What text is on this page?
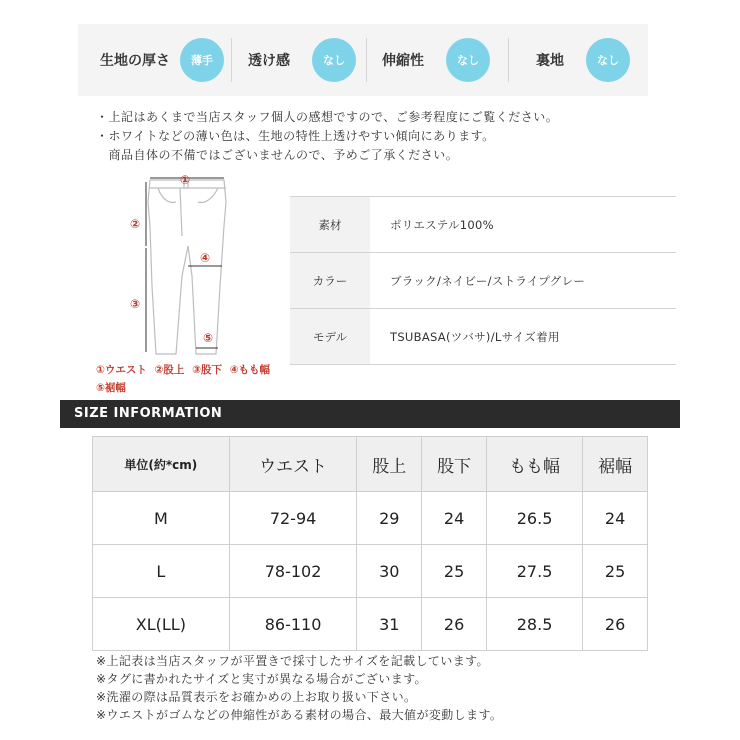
生地の厚さ	薄手	透け感	なし	伸縮性	なし	裏地	なし
・上記はあくまで当店スタッフ個人の感想ですので、ご参考程度にご覧ください。
・ホワイトなどの薄い色は、生地の特性上透けやすい傾向にあります。
　商品自体の不備ではございませんので、予めご了承ください。
①
②
③
④
⑤
①ウエスト ②股上 ③股下 ④もも幅
⑤裾幅
素材	ポリエステル100%
カラー	ブラック/ネイビー/ストライプグレー
モデル	TSUBASA(ツバサ)/Lサイズ着用
SIZE INFORMATION
単位(約*cm)	ウエスト	股上	股下	もも幅	裾幅
M	72-94	29	24	26.5	24
L	78-102	30	25	27.5	25
XL(LL)	86-110	31	26	28.5	26
※上記表は当店スタッフが平置きで採寸したサイズを記載しています。
※タグに書かれたサイズと実寸が異なる場合がございます。
※洗濯の際は品質表示をお確かめの上お取り扱い下さい。
※ウエストがゴムなどの伸縮性がある素材の場合、最大値が変動します。
